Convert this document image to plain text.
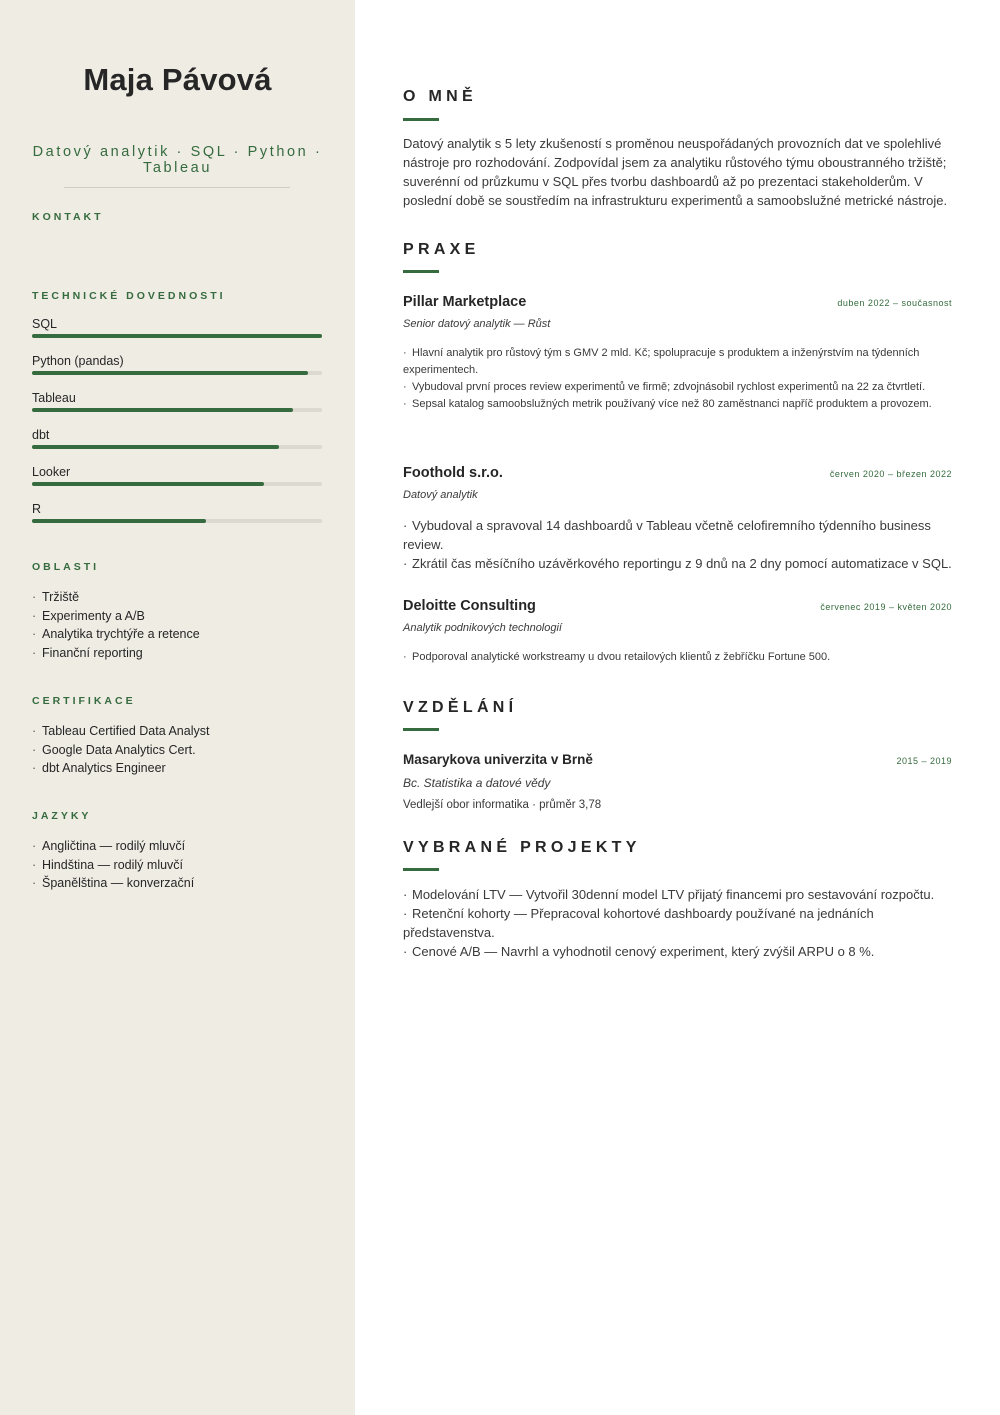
Maja Pávová
Datový analytik · SQL · Python · Tableau
KONTAKT
TECHNICKÉ DOVEDNOSTI
SQL
Python (pandas)
Tableau
dbt
Looker
R
OBLASTI
· Tržiště
· Experimenty a A/B
· Analytika trychtýře a retence
· Finanční reporting
CERTIFIKACE
· Tableau Certified Data Analyst
· Google Data Analytics Cert.
· dbt Analytics Engineer
JAZYKY
· Angličtina — rodilý mluvčí
· Hindština — rodilý mluvčí
· Španělština — konverzační
O MNĚ
Datový analytik s 5 lety zkušeností s proměnou neuspořádaných provozních dat ve spolehlivé nástroje pro rozhodování. Zodpovídal jsem za analytiku růstového týmu oboustranného tržiště; suverénní od průzkumu v SQL přes tvorbu dashboardů až po prezentaci stakeholderům. V poslední době se soustředím na infrastrukturu experimentů a samoobslužné metrické nástroje.
PRAXE
Pillar Marketplace	duben 2022 – současnost
Senior datový analytik — Růst
· Hlavní analytik pro růstový tým s GMV 2 mld. Kč; spolupracuje s produktem a inženýrstvím na týdenních experimentech.
· Vybudoval první proces review experimentů ve firmě; zdvojnásobil rychlost experimentů na 22 za čtvrtletí.
· Sepsal katalog samoobslužných metrik používaný více než 80 zaměstnanci napříč produktem a provozem.
Foothold s.r.o.	červen 2020 – březen 2022
Datový analytik
· Vybudoval a spravoval 14 dashboardů v Tableau včetně celofiremního týdenního business review.
· Zkrátil čas měsíčního uzávěrkového reportingu z 9 dnů na 2 dny pomocí automatizace v SQL.
Deloitte Consulting	červenec 2019 – květen 2020
Analytik podnikových technologií
· Podporoval analytické workstreamy u dvou retailových klientů z žebříčku Fortune 500.
VZDĚLÁNÍ
Masarykova univerzita v Brně	2015 – 2019
Bc. Statistika a datové vědy
Vedlejší obor informatika · průměr 3,78
VYBRANÉ PROJEKTY
· Modelování LTV — Vytvořil 30denní model LTV přijatý financemi pro sestavování rozpočtu.
· Retenční kohorty — Přepracoval kohortové dashboardy používané na jednáních představenstva.
· Cenové A/B — Navrhl a vyhodnotil cenový experiment, který zvýšil ARPU o 8 %.
